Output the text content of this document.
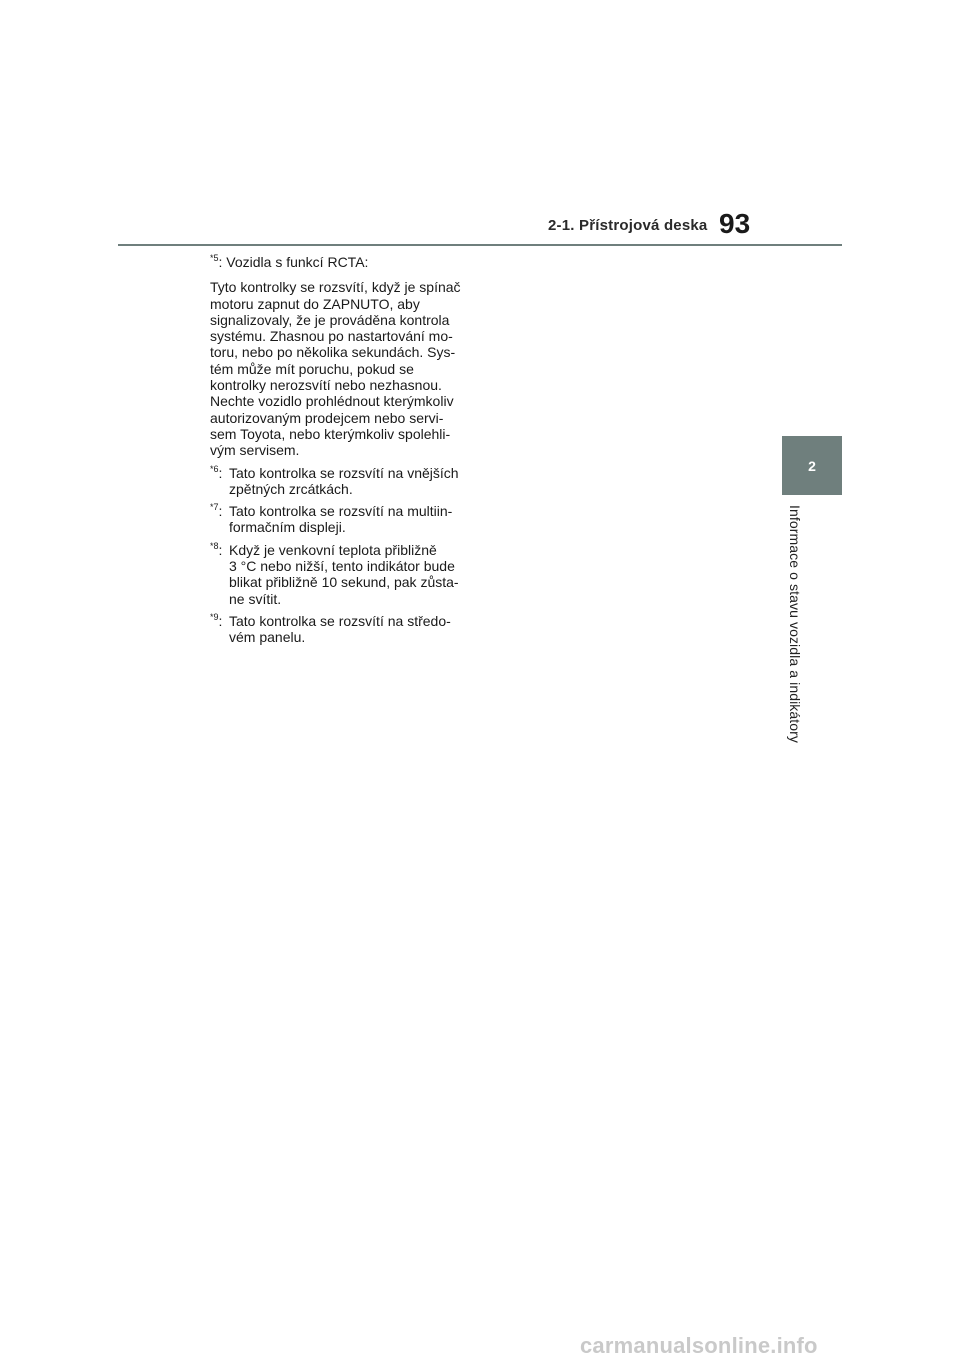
2-1. Přístrojová deska 93

$^{*5}$: Vozidla s funkcí RCTA:

Tyto kontrolky se rozsvítí, když je spínač
motoru zapnut do ZAPNUTO, aby
signalizovaly, že je prováděna kontrola
systému. Zhasnou po nastartování mo-
toru, nebo po několika sekundách. Sys-
tém může mít poruchu, pokud se
kontrolky nerozsvítí nebo nezhasnou.
Nechte vozidlo prohlédnout kterýmkoliv
autorizovaným prodejcem nebo servi-
sem Toyota, nebo kterýmkoliv spolehli-
vým servisem.

$^{*6}$: Tato kontrolka se rozsvítí na vnějších
zpětných zrcátkách.

$^{*7}$: Tato kontrolka se rozsvítí na multiin-
formačním displeji.

$^{*8}$: Když je venkovní teplota přibližně
3 °C nebo nižší, tento indikátor bude
blikat přibližně 10 sekund, pak zůsta-
ne svítit.

$^{*9}$: Tato kontrolka se rozsvítí na středo-
vém panelu.

2
Informace o stavu vozidla a indikátory
carmanualsonline.info
